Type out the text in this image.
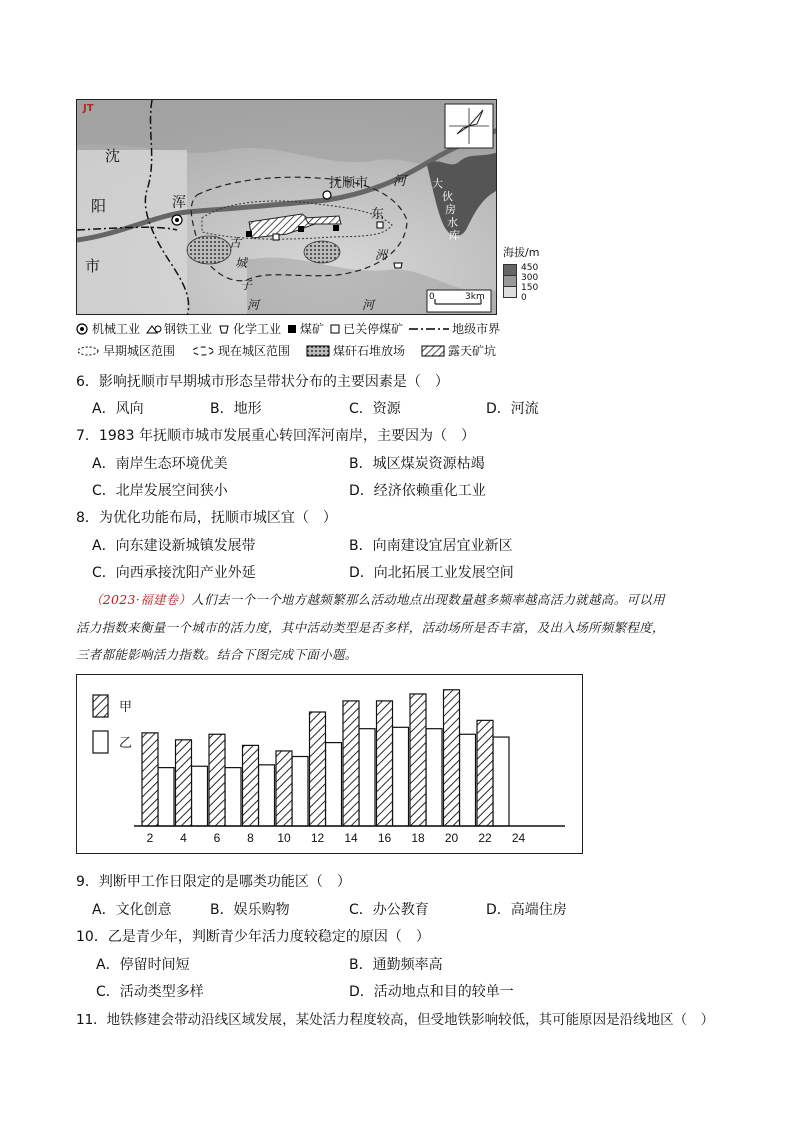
JT
沈
阳
市
浑
抚顺市 河
东
古
城
子
河
洲
河
大
伙
房
水
库
0	3km
海拔/m
450
300
150
0
机械工业 钢铁工业 化学工业 煤矿 已关停煤矿	地级市界
早期城区范围	现在城区范围	煤矸石堆放场	露天矿坑
6．影响抚顺市早期城市形态呈带状分布的主要因素是（　）
A．风向	B．地形	C．资源	D．河流
7．1983 年抚顺市城市发展重心转回浑河南岸，主要因为（　）
A．南岸生态环境优美	B．城区煤炭资源枯竭
C．北岸发展空间狭小	D．经济依赖重化工业
8．为优化功能布局，抚顺市城区宜（　）
A．向东建设新城镇发展带	B．向南建设宜居宜业新区
C．向西承接沈阳产业外延	D．向北拓展工业发展空间
（2023·福建卷）人们去一个一个地方越频繁那么活动地点出现数量越多频率越高活力就越高。可以用
活力指数来衡量一个城市的活力度，其中活动类型是否多样，活动场所是否丰富，及出入场所频繁程度，
三者都能影响活力指数。结合下图完成下面小题。
甲
乙
2 4 6 8 10 12 14 16 18 20 22 24
9．判断甲工作日限定的是哪类功能区（　）
A．文化创意	B．娱乐购物	C．办公教育	D．高端住房
10．乙是青少年，判断青少年活力度较稳定的原因（　）
A．停留时间短	B．通勤频率高
C．活动类型多样	D．活动地点和目的较单一
11．地铁修建会带动沿线区域发展，某处活力程度较高，但受地铁影响较低，其可能原因是沿线地区（　）
